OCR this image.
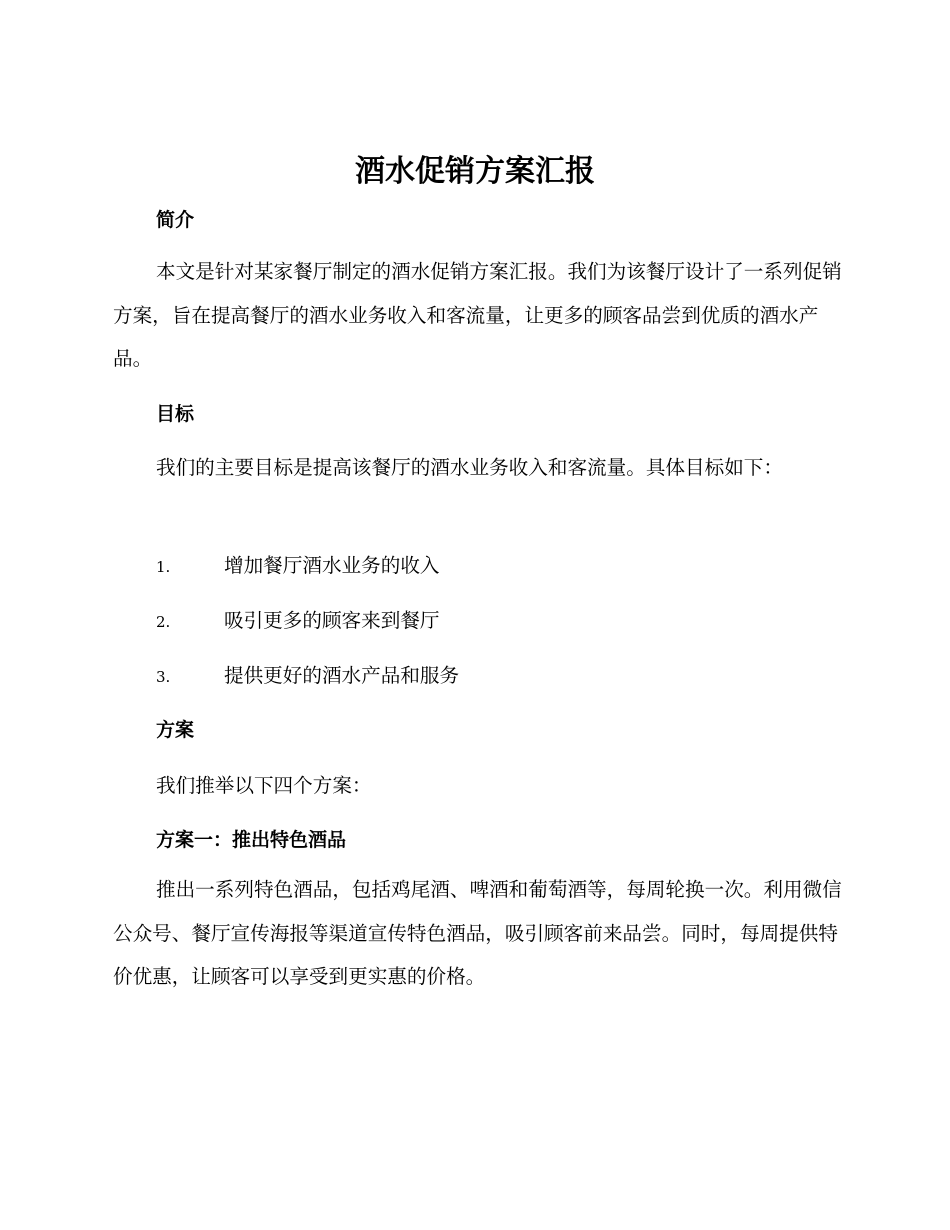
酒水促销方案汇报
简介

本文是针对某家餐厅制定的酒水促销方案汇报。我们为该餐厅设计了一系列促销方案，旨在提高餐厅的酒水业务收入和客流量，让更多的顾客品尝到优质的酒水产品。

目标

我们的主要目标是提高该餐厅的酒水业务收入和客流量。具体目标如下：

1.	增加餐厅酒水业务的收入
2.	吸引更多的顾客来到餐厅
3.	提供更好的酒水产品和服务
方案

我们推举以下四个方案：

方案一：推出特色酒品

推出一系列特色酒品，包括鸡尾酒、啤酒和葡萄酒等，每周轮换一次。利用微信公众号、餐厅宣传海报等渠道宣传特色酒品，吸引顾客前来品尝。同时，每周提供特价优惠，让顾客可以享受到更实惠的价格。
